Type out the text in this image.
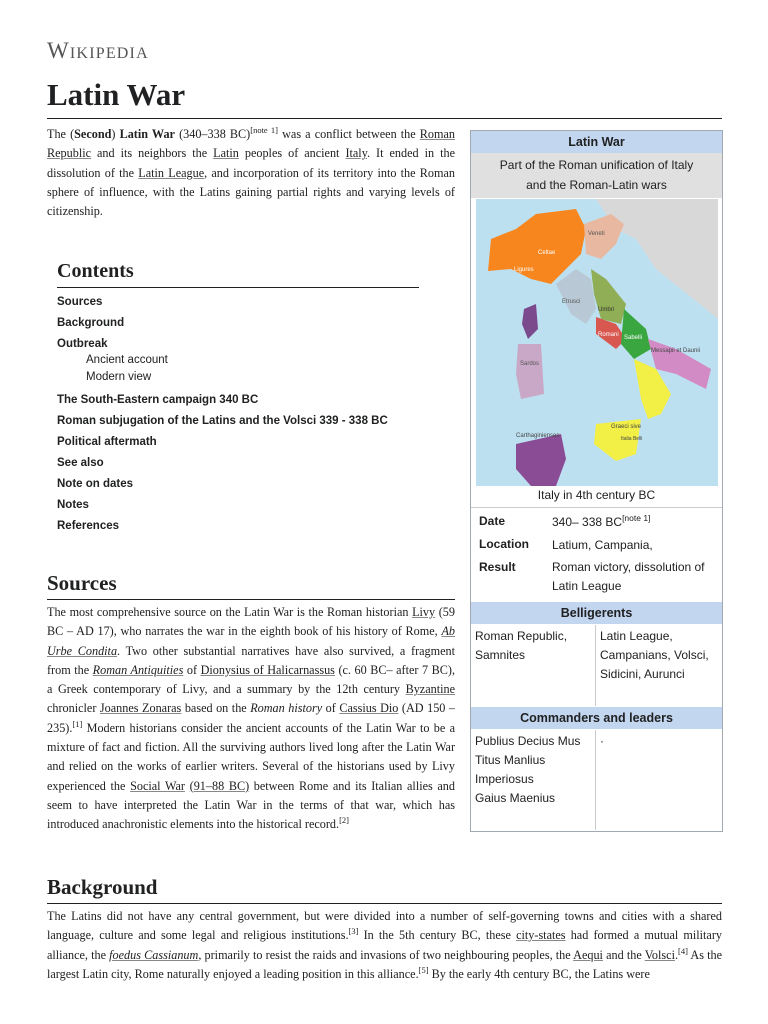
Wikipedia
Latin War

The (Second) Latin War (340–338 BC)[note 1] was a conflict between the Roman Republic and its neighbors the Latin peoples of ancient Italy. It ended in the dissolution of the Latin League, and incorporation of its territory into the Roman sphere of influence, with the Latins gaining partial rights and varying levels of citizenship.

Contents
Sources
Background
Outbreak
Ancient account
Modern view
The South-Eastern campaign 340 BC
Roman subjugation of the Latins and the Volsci 339 - 338 BC
Political aftermath
See also
Note on dates
Notes
References
Sources

The most comprehensive source on the Latin War is the Roman historian Livy (59 BC – AD 17), who narrates the war in the eighth book of his history of Rome, Ab Urbe Condita. Two other substantial narratives have also survived, a fragment from the Roman Antiquities of Dionysius of Halicarnassus (c. 60 BC– after 7 BC), a Greek contemporary of Livy, and a summary by the 12th century Byzantine chronicler Joannes Zonaras based on the Roman history of Cassius Dio (AD 150 – 235).[1] Modern historians consider the ancient accounts of the Latin War to be a mixture of fact and fiction. All the surviving authors lived long after the Latin War and relied on the works of earlier writers. Several of the historians used by Livy experienced the Social War (91–88 BC) between Rome and its Italian allies and seem to have interpreted the Latin War in the terms of that war, which has introduced anachronistic elements into the historical record.[2]

Background

The Latins did not have any central government, but were divided into a number of self-governing towns and cities with a shared language, culture and some legal and religious institutions.[3] In the 5th century BC, these city-states had formed a mutual military alliance, the foedus Cassianum, primarily to resist the raids and invasions of two neighbouring peoples, the Aequi and the Volsci.[4] As the largest Latin city, Rome naturally enjoyed a leading position in this alliance.[5] By the early 4th century BC, the Latins were

Latin War
Part of the Roman unification of Italy
and the Roman-Latin wars
Veneti
Celtae
Ligures
Etrusci
Umbri
Romani Sabelli
Messapii et Daunii
Sardos
Carthaginienses
Graeci sive
Italia Belli
Italy in 4th century BC
Date	340– 338 BC[note 1]
Location Latium, Campania,
Result	Roman victory, dissolution of Latin League
Belligerents
Roman Republic, Samnites
Latin League, Campanians, Volsci, Sidicini, Aurunci
Commanders and leaders
Publius Decius Mus
Titus Manlius Imperiosus
Gaius Maenius
·
